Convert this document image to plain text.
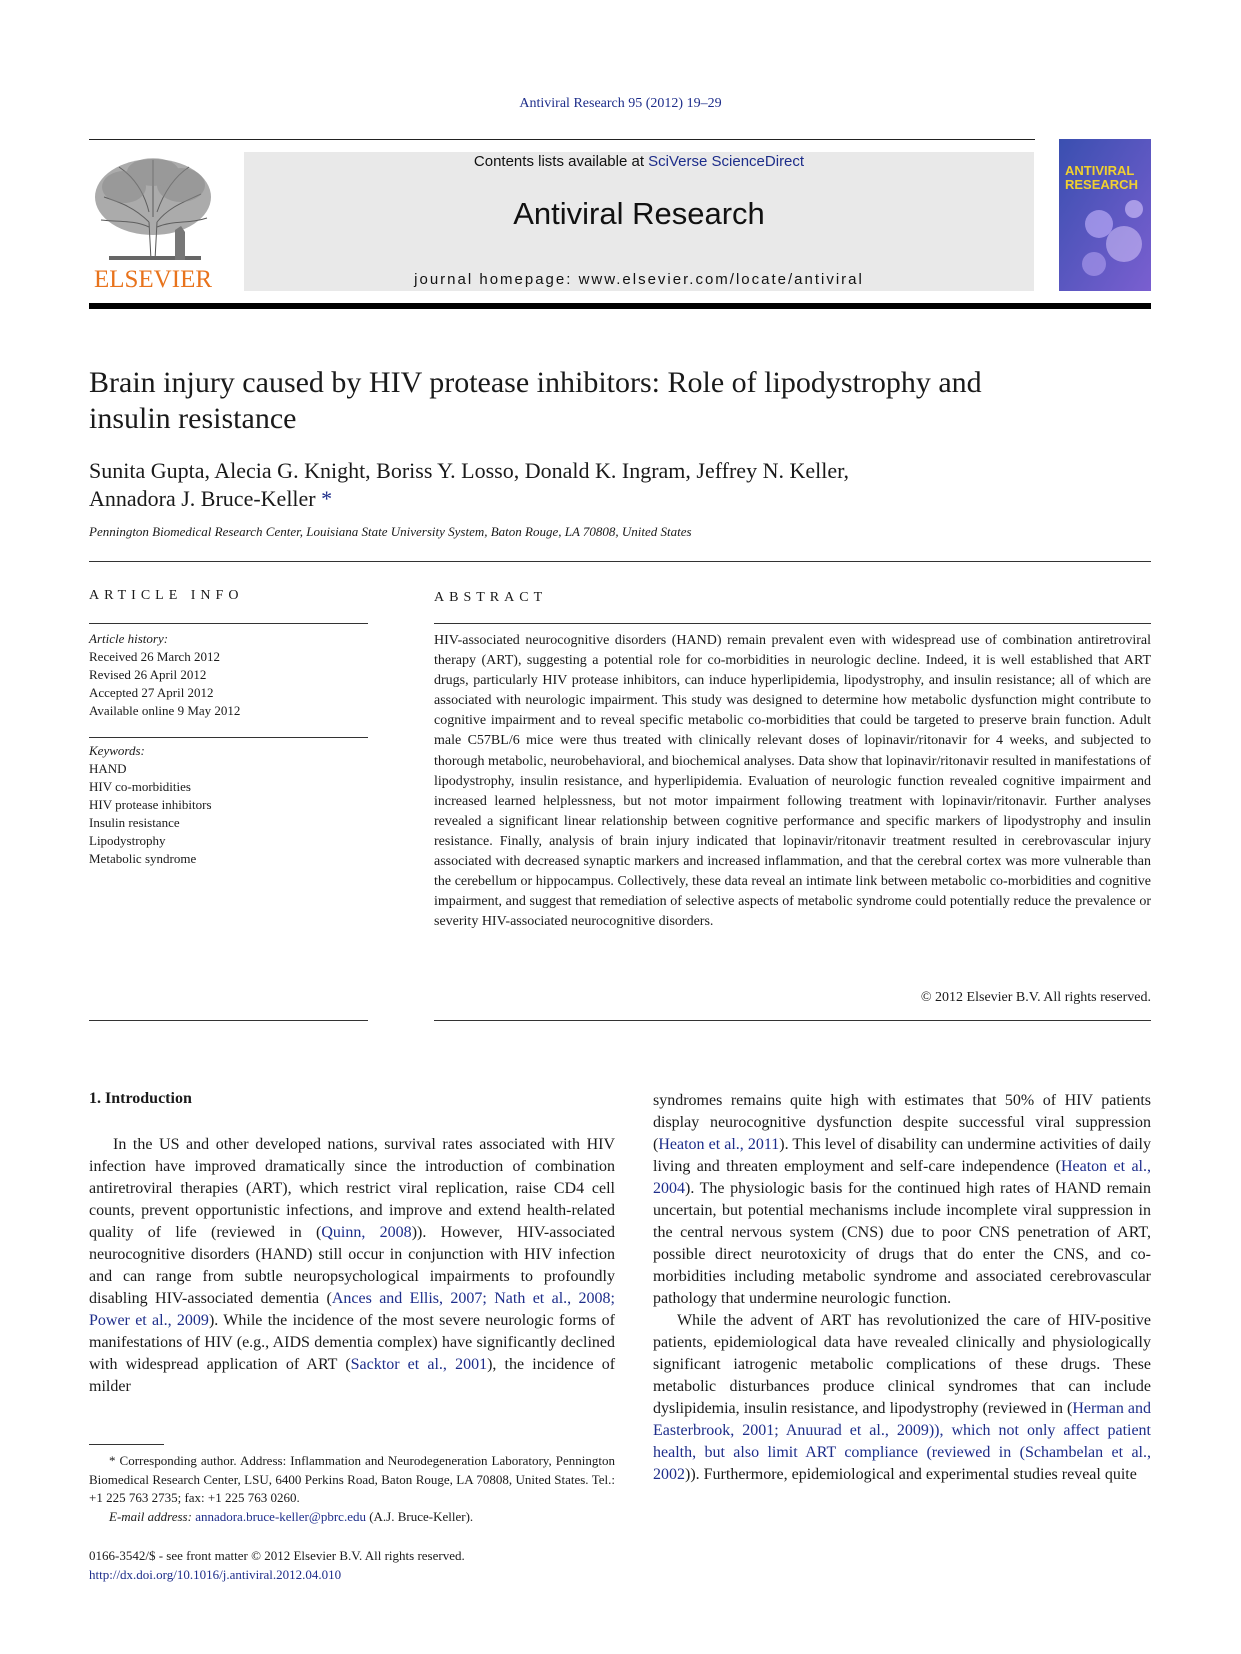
Antiviral Research 95 (2012) 19–29
ELSEVIER
Contents lists available at SciVerse ScienceDirect
Antiviral Research
journal homepage: www.elsevier.com/locate/antiviral
ANTIVIRAL
RESEARCH
Brain injury caused by HIV protease inhibitors: Role of lipodystrophy and insulin resistance
Sunita Gupta, Alecia G. Knight, Boriss Y. Losso, Donald K. Ingram, Jeffrey N. Keller,
Annadora J. Bruce-Keller *
Pennington Biomedical Research Center, Louisiana State University System, Baton Rouge, LA 70808, United States
ARTICLE INFO	ABSTRACT
Article history:
Received 26 March 2012
Revised 26 April 2012
Accepted 27 April 2012
Available online 9 May 2012
Keywords:
HAND
HIV co-morbidities
HIV protease inhibitors
Insulin resistance
Lipodystrophy
Metabolic syndrome
HIV-associated neurocognitive disorders (HAND) remain prevalent even with widespread use of combination antiretroviral therapy (ART), suggesting a potential role for co-morbidities in neurologic decline. Indeed, it is well established that ART drugs, particularly HIV protease inhibitors, can induce hyperlipidemia, lipodystrophy, and insulin resistance; all of which are associated with neurologic impairment. This study was designed to determine how metabolic dysfunction might contribute to cognitive impairment and to reveal specific metabolic co-morbidities that could be targeted to preserve brain function. Adult male C57BL/6 mice were thus treated with clinically relevant doses of lopinavir/ritonavir for 4 weeks, and subjected to thorough metabolic, neurobehavioral, and biochemical analyses. Data show that lopinavir/ritonavir resulted in manifestations of lipodystrophy, insulin resistance, and hyperlipidemia. Evaluation of neurologic function revealed cognitive impairment and increased learned helplessness, but not motor impairment following treatment with lopinavir/ritonavir. Further analyses revealed a significant linear relationship between cognitive performance and specific markers of lipodystrophy and insulin resistance. Finally, analysis of brain injury indicated that lopinavir/ritonavir treatment resulted in cerebrovascular injury associated with decreased synaptic markers and increased inflammation, and that the cerebral cortex was more vulnerable than the cerebellum or hippocampus. Collectively, these data reveal an intimate link between metabolic co-morbidities and cognitive impairment, and suggest that remediation of selective aspects of metabolic syndrome could potentially reduce the prevalence or severity HIV-associated neurocognitive disorders.
© 2012 Elsevier B.V. All rights reserved.
1. Introduction

In the US and other developed nations, survival rates associated with HIV infection have improved dramatically since the introduction of combination antiretroviral therapies (ART), which restrict viral replication, raise CD4 cell counts, prevent opportunistic infections, and improve and extend health-related quality of life (reviewed in (Quinn, 2008)). However, HIV-associated neurocognitive disorders (HAND) still occur in conjunction with HIV infection and can range from subtle neuropsychological impairments to profoundly disabling HIV-associated dementia (Ances and Ellis, 2007; Nath et al., 2008; Power et al., 2009). While the incidence of the most severe neurologic forms of manifestations of HIV (e.g., AIDS dementia complex) have significantly declined with widespread application of ART (Sacktor et al., 2001), the incidence of milder

syndromes remains quite high with estimates that 50% of HIV patients display neurocognitive dysfunction despite successful viral suppression (Heaton et al., 2011). This level of disability can undermine activities of daily living and threaten employment and self-care independence (Heaton et al., 2004). The physiologic basis for the continued high rates of HAND remain uncertain, but potential mechanisms include incomplete viral suppression in the central nervous system (CNS) due to poor CNS penetration of ART, possible direct neurotoxicity of drugs that do enter the CNS, and co-morbidities including metabolic syndrome and associated cerebrovascular pathology that undermine neurologic function.

While the advent of ART has revolutionized the care of HIV-positive patients, epidemiological data have revealed clinically and physiologically significant iatrogenic metabolic complications of these drugs. These metabolic disturbances produce clinical syndromes that can include dyslipidemia, insulin resistance, and lipodystrophy (reviewed in (Herman and Easterbrook, 2001; Anuurad et al., 2009)), which not only affect patient health, but also limit ART compliance (reviewed in (Schambelan et al., 2002)). Furthermore, epidemiological and experimental studies reveal quite

* Corresponding author. Address: Inflammation and Neurodegeneration Laboratory, Pennington Biomedical Research Center, LSU, 6400 Perkins Road, Baton Rouge, LA 70808, United States. Tel.: +1 225 763 2735; fax: +1 225 763 0260.

E-mail address: annadora.bruce-keller@pbrc.edu (A.J. Bruce-Keller).

0166-3542/$ - see front matter © 2012 Elsevier B.V. All rights reserved.
http://dx.doi.org/10.1016/j.antiviral.2012.04.010
